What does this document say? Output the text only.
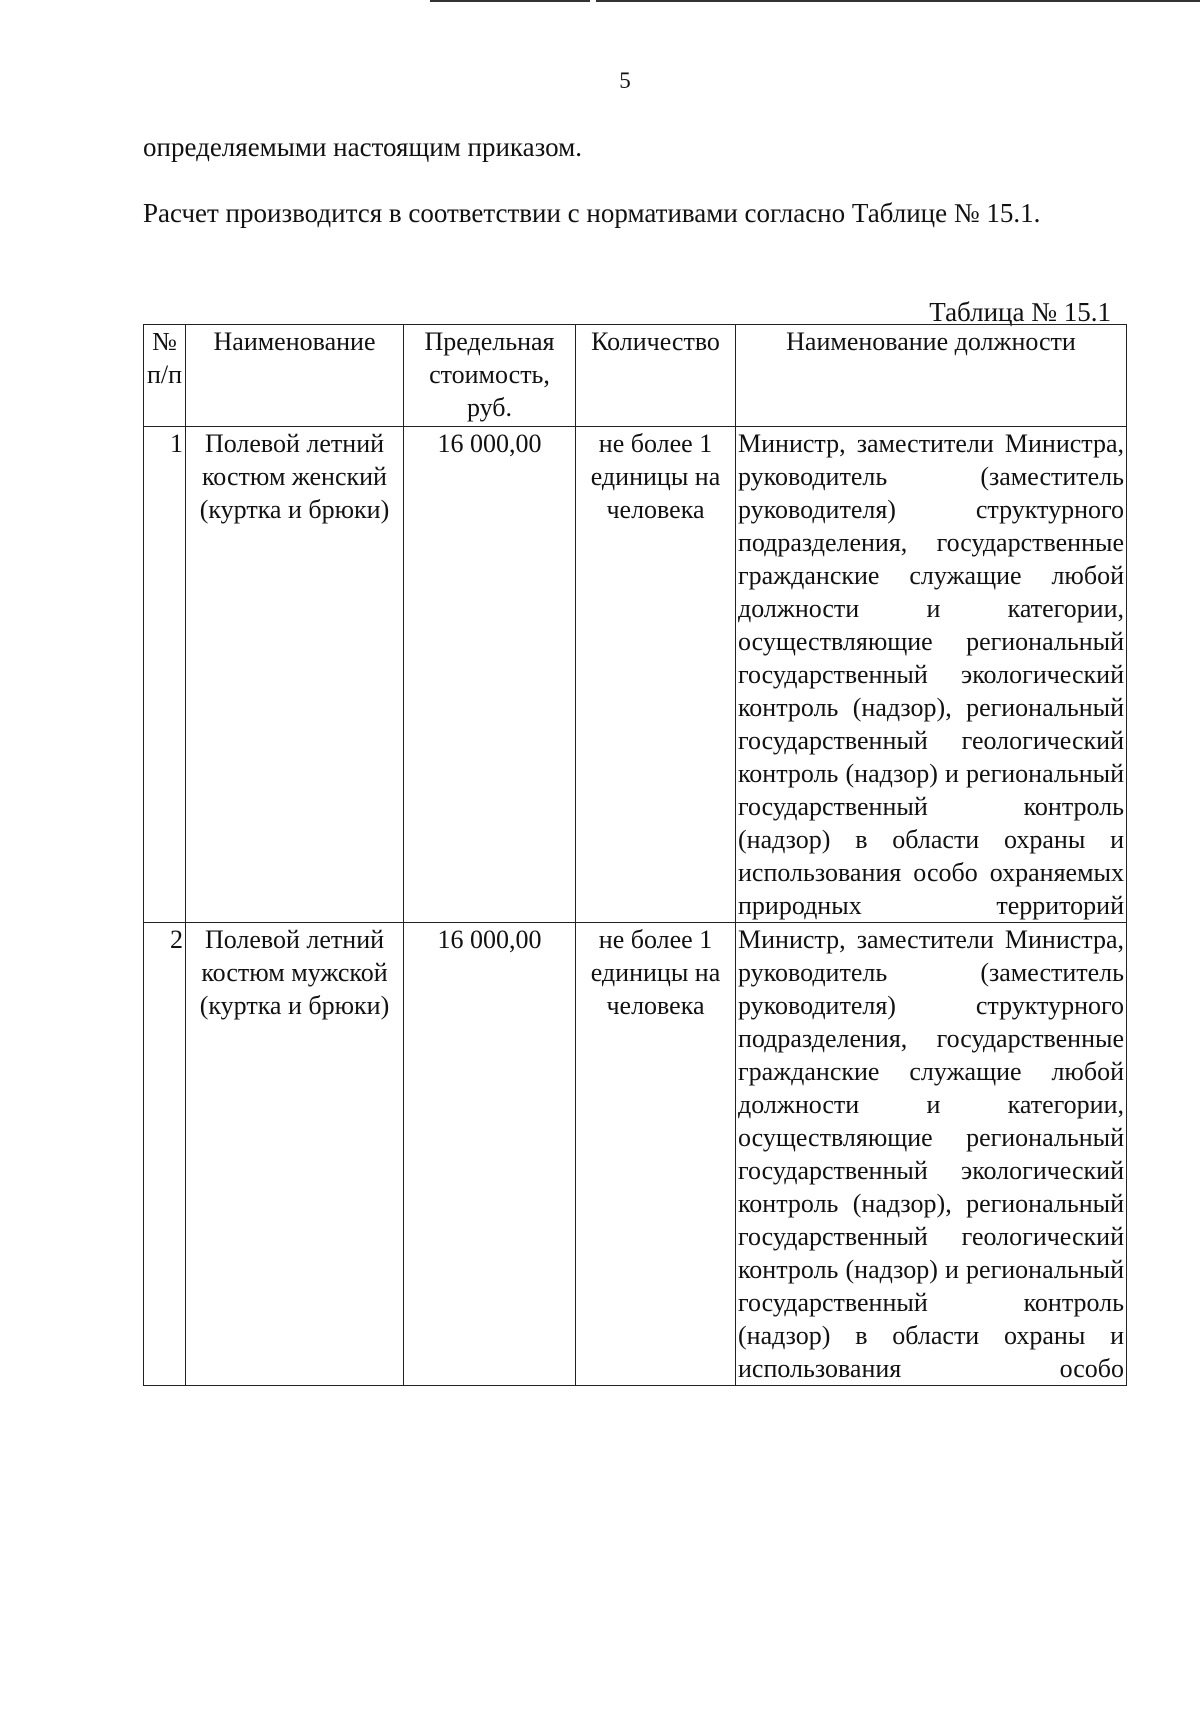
5

определяемыми настоящим приказом.

Расчет производится в соответствии с нормативами согласно Таблице № 15.1.

Таблица № 15.1
№ п/п	Наименование	Предельная стоимость, руб.	Количество	Наименование должности
1	Полевой летний костюм женский (куртка и брюки)	16 000,00	не более 1 единицы на человека	Министр, заместители Министра, руководитель (заместитель руководителя) структурного подразделения, государственные гражданские служащие любой должности и категории, осуществляющие региональный государственный экологический контроль (надзор), региональный государственный геологический контроль (надзор) и региональный государственный контроль (надзор) в области охраны и использования особо охраняемых природных территорий
2	Полевой летний костюм мужской (куртка и брюки)	16 000,00	не более 1 единицы на человека	Министр, заместители Министра, руководитель (заместитель руководителя) структурного подразделения, государственные гражданские служащие любой должности и категории, осуществляющие региональный государственный экологический контроль (надзор), региональный государственный геологический контроль (надзор) и региональный государственный контроль (надзор) в области охраны и использования особо
